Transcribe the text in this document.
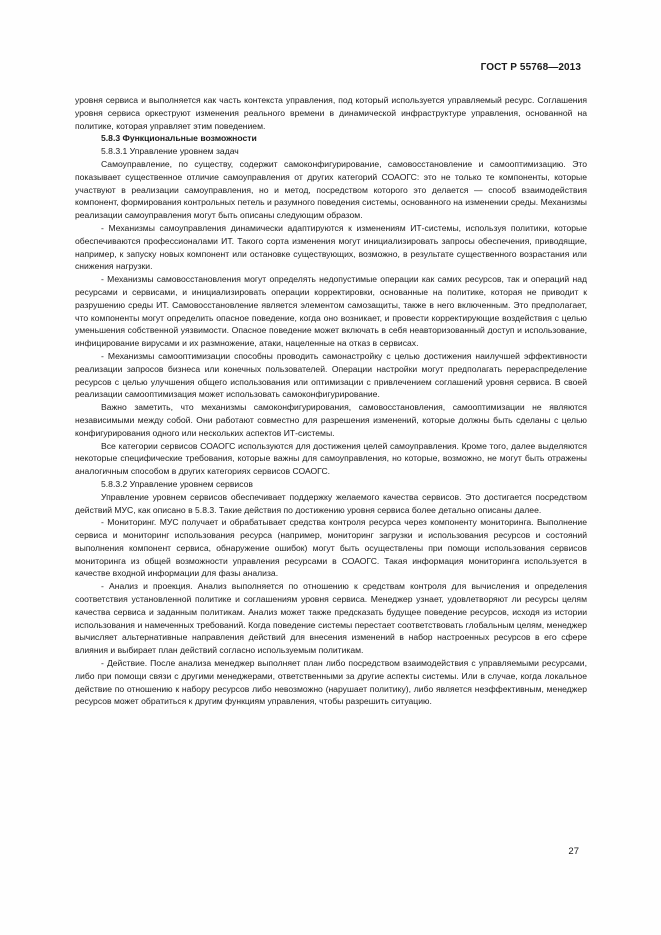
ГОСТ Р 55768—2013

уровня сервиса и выполняется как часть контекста управления, под который используется управляемый ресурс. Соглашения уровня сервиса оркеструют изменения реального времени в динамической инфраструктуре управления, основанной на политике, которая управляет этим поведением.

5.8.3 Функциональные возможности

5.8.3.1 Управление уровнем задач

Самоуправление, по существу, содержит самоконфигурирование, самовосстановление и самооптимизацию. Это показывает существенное отличие самоуправления от других категорий СОАОГС: это не только те компоненты, которые участвуют в реализации самоуправления, но и метод, посредством которого это делается — способ взаимодействия компонент, формирования контрольных петель и разумного поведения системы, основанного на изменении среды. Механизмы реализации самоуправления могут быть описаны следующим образом.

- Механизмы самоуправления динамически адаптируются к изменениям ИТ-системы, используя политики, которые обеспечиваются профессионалами ИТ. Такого сорта изменения могут инициализировать запросы обеспечения, приводящие, например, к запуску новых компонент или остановке существующих, возможно, в результате существенного возрастания или снижения нагрузки.

- Механизмы самовосстановления могут определять недопустимые операции как самих ресурсов, так и операций над ресурсами и сервисами, и инициализировать операции корректировки, основанные на политике, которая не приводит к разрушению среды ИТ. Самовосстановление является элементом самозащиты, также в него включенным. Это предполагает, что компоненты могут определить опасное поведение, когда оно возникает, и провести корректирующие воздействия с целью уменьшения собственной уязвимости. Опасное поведение может включать в себя неавторизованный доступ и использование, инфицирование вирусами и их размножение, атаки, нацеленные на отказ в сервисах.

- Механизмы самооптимизации способны проводить самонастройку с целью достижения наилучшей эффективности реализации запросов бизнеса или конечных пользователей. Операции настройки могут предполагать перераспределение ресурсов с целью улучшения общего использования или оптимизации с привлечением соглашений уровня сервиса. В своей реализации самооптимизация может использовать самоконфигурирование.

Важно заметить, что механизмы самоконфигурирования, самовосстановления, самооптимизации не являются независимыми между собой. Они работают совместно для разрешения изменений, которые должны быть сделаны с целью конфигурирования одного или нескольких аспектов ИТ-системы.

Все категории сервисов СОАОГС используются для достижения целей самоуправления. Кроме того, далее выделяются некоторые специфические требования, которые важны для самоуправления, но которые, возможно, не могут быть отражены аналогичным способом в других категориях сервисов СОАОГС.

5.8.3.2 Управление уровнем сервисов

Управление уровнем сервисов обеспечивает поддержку желаемого качества сервисов. Это достигается посредством действий МУС, как описано в 5.8.3. Такие действия по достижению уровня сервиса более детально описаны далее.

- Мониторинг. МУС получает и обрабатывает средства контроля ресурса через компоненту мониторинга. Выполнение сервиса и мониторинг использования ресурса (например, мониторинг загрузки и использования ресурсов и состояний выполнения компонент сервиса, обнаружение ошибок) могут быть осуществлены при помощи использования сервисов мониторинга из общей возможности управления ресурсами в СОАОГС. Такая информация мониторинга используется в качестве входной информации для фазы анализа.

- Анализ и проекция. Анализ выполняется по отношению к средствам контроля для вычисления и определения соответствия установленной политике и соглашениям уровня сервиса. Менеджер узнает, удовлетворяют ли ресурсы целям качества сервиса и заданным политикам. Анализ может также предсказать будущее поведение ресурсов, исходя из истории использования и намеченных требований. Когда поведение системы перестает соответствовать глобальным целям, менеджер вычисляет альтернативные направления действий для внесения изменений в набор настроенных ресурсов в его сфере влияния и выбирает план действий согласно используемым политикам.

- Действие. После анализа менеджер выполняет план либо посредством взаимодействия с управляемыми ресурсами, либо при помощи связи с другими менеджерами, ответственными за другие аспекты системы. Или в случае, когда локальное действие по отношению к набору ресурсов либо невозможно (нарушает политику), либо является неэффективным, менеджер ресурсов может обратиться к другим функциям управления, чтобы разрешить ситуацию.

27
